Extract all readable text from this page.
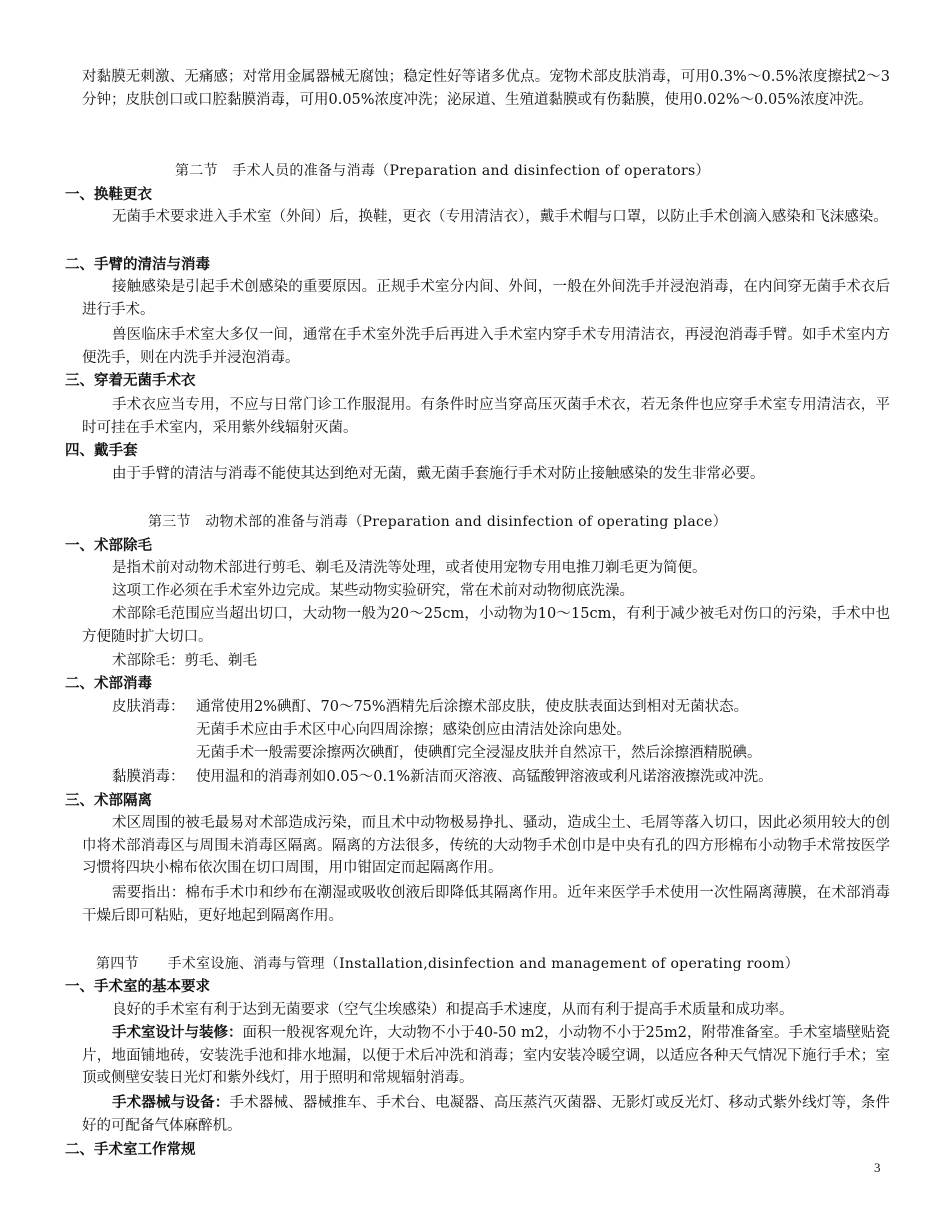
对黏膜无刺激、无痛感；对常用金属器械无腐蚀；稳定性好等诸多优点。宠物术部皮肤消毒，可用0.3%～0.5%浓度擦拭2～3分钟；皮肤创口或口腔黏膜消毒，可用0.05%浓度冲洗；泌尿道、生殖道黏膜或有伤黏膜，使用0.02%～0.05%浓度冲洗。

第二节　手术人员的准备与消毒（Preparation and disinfection of operators）
一、换鞋更衣

无菌手术要求进入手术室（外间）后，换鞋，更衣（专用清洁衣），戴手术帽与口罩，以防止手术创滴入感染和飞沫感染。

二、手臂的清洁与消毒

接触感染是引起手术创感染的重要原因。正规手术室分内间、外间，一般在外间洗手并浸泡消毒，在内间穿无菌手术衣后进行手术。

兽医临床手术室大多仅一间，通常在手术室外洗手后再进入手术室内穿手术专用清洁衣，再浸泡消毒手臂。如手术室内方便洗手，则在内洗手并浸泡消毒。

三、穿着无菌手术衣

手术衣应当专用，不应与日常门诊工作服混用。有条件时应当穿高压灭菌手术衣，若无条件也应穿手术室专用清洁衣，平时可挂在手术室内，采用紫外线辐射灭菌。

四、戴手套

由于手臂的清洁与消毒不能使其达到绝对无菌，戴无菌手套施行手术对防止接触感染的发生非常必要。

第三节　动物术部的准备与消毒（Preparation and disinfection of operating place）
一、术部除毛

是指术前对动物术部进行剪毛、剃毛及清洗等处理，或者使用宠物专用电推刀剃毛更为简便。

这项工作必须在手术室外边完成。某些动物实验研究，常在术前对动物彻底洗澡。

术部除毛范围应当超出切口，大动物一般为20～25cm，小动物为10～15cm，有利于减少被毛对伤口的污染，手术中也方便随时扩大切口。

术部除毛：剪毛、剃毛

二、术部消毒
皮肤消毒： 通常使用2%碘酊、70～75%酒精先后涂擦术部皮肤，使皮肤表面达到相对无菌状态。
无菌手术应由手术区中心向四周涂擦；感染创应由清洁处涂向患处。
无菌手术一般需要涂擦两次碘酊，使碘酊完全浸湿皮肤并自然凉干，然后涂擦酒精脱碘。
黏膜消毒： 使用温和的消毒剂如0.05～0.1%新洁而灭溶液、高锰酸钾溶液或利凡诺溶液擦洗或冲洗。
三、术部隔离

术区周围的被毛最易对术部造成污染，而且术中动物极易挣扎、骚动，造成尘土、毛屑等落入切口，因此必须用较大的创巾将术部消毒区与周围未消毒区隔离。隔离的方法很多，传统的大动物手术创巾是中央有孔的四方形棉布小动物手术常按医学习惯将四块小棉布依次围在切口周围，用巾钳固定而起隔离作用。

需要指出：棉布手术巾和纱布在潮湿或吸收创液后即降低其隔离作用。近年来医学手术使用一次性隔离薄膜，在术部消毒干燥后即可粘贴，更好地起到隔离作用。

第四节　　手术室设施、消毒与管理（Installation,disinfection and management of operating room）
一、手术室的基本要求

良好的手术室有利于达到无菌要求（空气尘埃感染）和提高手术速度，从而有利于提高手术质量和成功率。

手术室设计与装修：面积一般视客观允许，大动物不小于40-50 m2，小动物不小于25m2，附带准备室。手术室墙壁贴瓷片，地面铺地砖，安装洗手池和排水地漏，以便于术后冲洗和消毒；室内安装冷暖空调，以适应各种天气情况下施行手术；室顶或侧壁安装日光灯和紫外线灯，用于照明和常规辐射消毒。

手术器械与设备：手术器械、器械推车、手术台、电凝器、高压蒸汽灭菌器、无影灯或反光灯、移动式紫外线灯等，条件好的可配备气体麻醉机。

二、手术室工作常规
3
